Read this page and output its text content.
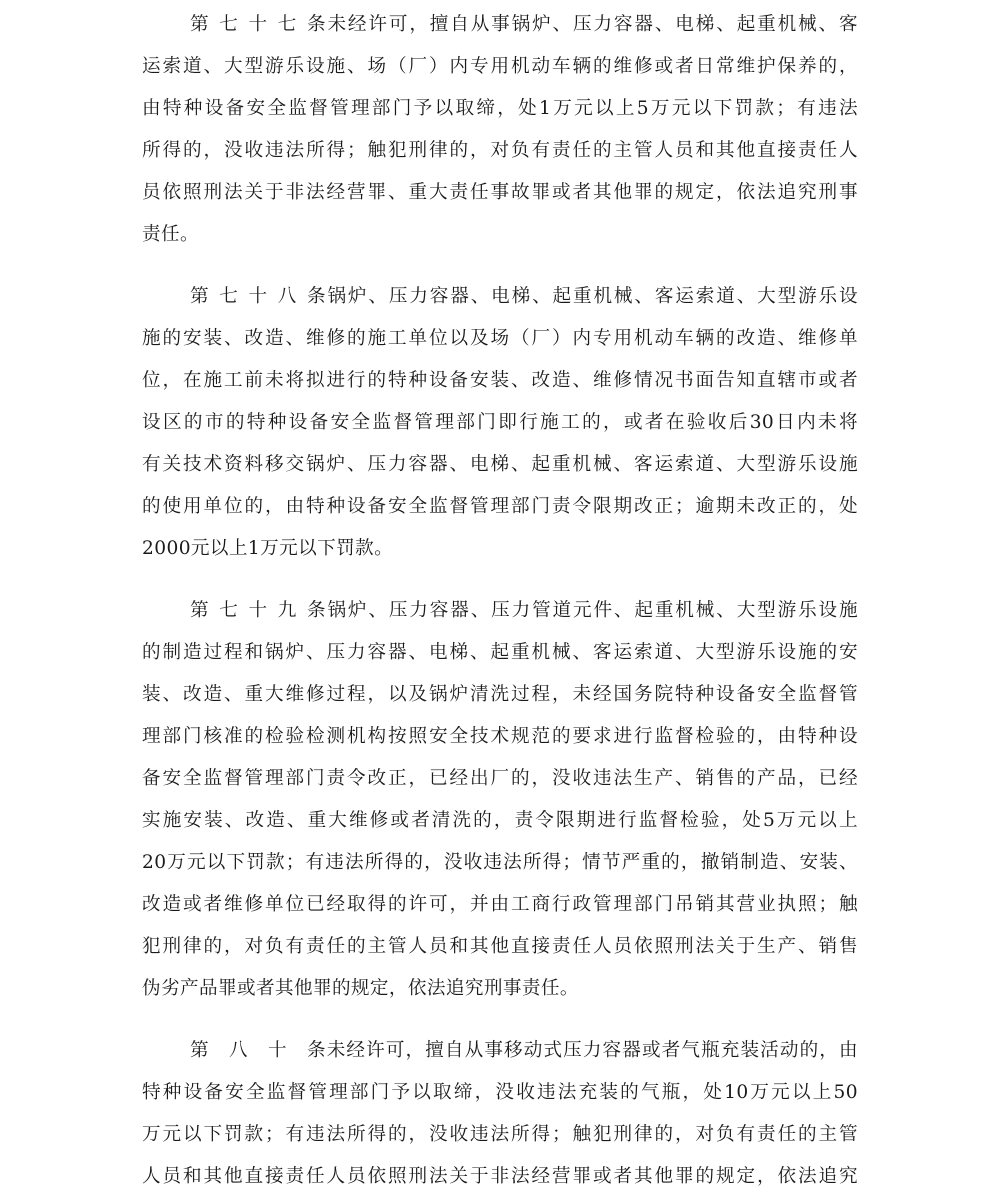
第七十七条未经许可，擅自从事锅炉、压力容器、电梯、起重机械、客
运索道、大型游乐设施、场（厂）内专用机动车辆的维修或者日常维护保养的，
由特种设备安全监督管理部门予以取缔，处1万元以上5万元以下罚款；有违法
所得的，没收违法所得；触犯刑律的，对负有责任的主管人员和其他直接责任人
员依照刑法关于非法经营罪、重大责任事故罪或者其他罪的规定，依法追究刑事
责任。
第七十八条锅炉、压力容器、电梯、起重机械、客运索道、大型游乐设
施的安装、改造、维修的施工单位以及场（厂）内专用机动车辆的改造、维修单
位，在施工前未将拟进行的特种设备安装、改造、维修情况书面告知直辖市或者
设区的市的特种设备安全监督管理部门即行施工的，或者在验收后30日内未将
有关技术资料移交锅炉、压力容器、电梯、起重机械、客运索道、大型游乐设施
的使用单位的，由特种设备安全监督管理部门责令限期改正；逾期未改正的，处
2000元以上1万元以下罚款。
第七十九条锅炉、压力容器、压力管道元件、起重机械、大型游乐设施
的制造过程和锅炉、压力容器、电梯、起重机械、客运索道、大型游乐设施的安
装、改造、重大维修过程，以及锅炉清洗过程，未经国务院特种设备安全监督管
理部门核准的检验检测机构按照安全技术规范的要求进行监督检验的，由特种设
备安全监督管理部门责令改正，已经出厂的，没收违法生产、销售的产品，已经
实施安装、改造、重大维修或者清洗的，责令限期进行监督检验，处5万元以上
20万元以下罚款；有违法所得的，没收违法所得；情节严重的，撤销制造、安装、
改造或者维修单位已经取得的许可，并由工商行政管理部门吊销其营业执照；触
犯刑律的，对负有责任的主管人员和其他直接责任人员依照刑法关于生产、销售
伪劣产品罪或者其他罪的规定，依法追究刑事责任。
第八十条未经许可，擅自从事移动式压力容器或者气瓶充装活动的，由
特种设备安全监督管理部门予以取缔，没收违法充装的气瓶，处10万元以上50
万元以下罚款；有违法所得的，没收违法所得；触犯刑律的，对负有责任的主管
人员和其他直接责任人员依照刑法关于非法经营罪或者其他罪的规定，依法追究
